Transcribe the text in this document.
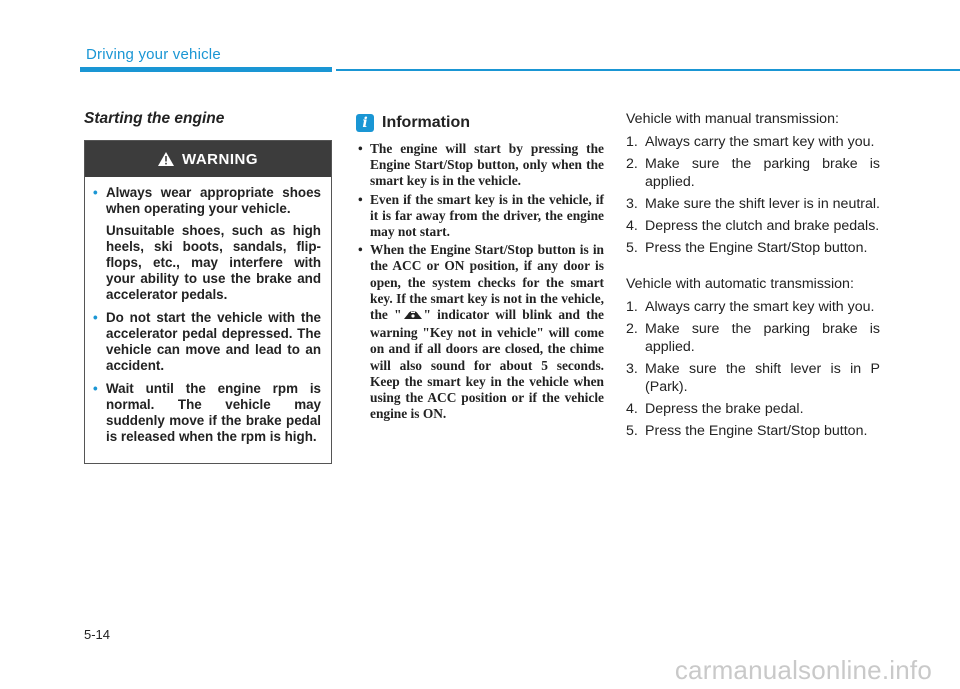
Driving your vehicle
Starting the engine
WARNING
• Always wear appropriate shoes when operating your vehicle.

Unsuitable shoes, such as high heels, ski boots, sandals, flip-flops, etc., may interfere with your ability to use the brake and accelerator pedals.

• Do not start the vehicle with the accelerator pedal depressed. The vehicle can move and lead to an accident.

• Wait until the engine rpm is normal. The vehicle may suddenly move if the brake pedal is released when the rpm is high.

i Information
• The engine will start by pressing the Engine Start/Stop button, only when the smart key is in the vehicle.
• Even if the smart key is in the vehicle, if it is far away from the driver, the engine may not start.
• When the Engine Start/Stop button is in the ACC or ON position, if any door is open, the system checks for the smart key. If the smart key is not in the vehicle, the " " indicator will blink and the warning "Key not in vehicle" will come on and if all doors are closed, the chime will also sound for about 5 seconds. Keep the smart key in the vehicle when using the ACC position or if the vehicle engine is ON.
Vehicle with manual transmission:
1. Always carry the smart key with you.
2. Make sure the parking brake is applied.
3. Make sure the shift lever is in neutral.
4. Depress the clutch and brake pedals.
5. Press the Engine Start/Stop button.
Vehicle with automatic transmission:
1. Always carry the smart key with you.
2. Make sure the parking brake is applied.
3. Make sure the shift lever is in P (Park).
4. Depress the brake pedal.
5. Press the Engine Start/Stop button.
5-14
carmanualsonline.info
